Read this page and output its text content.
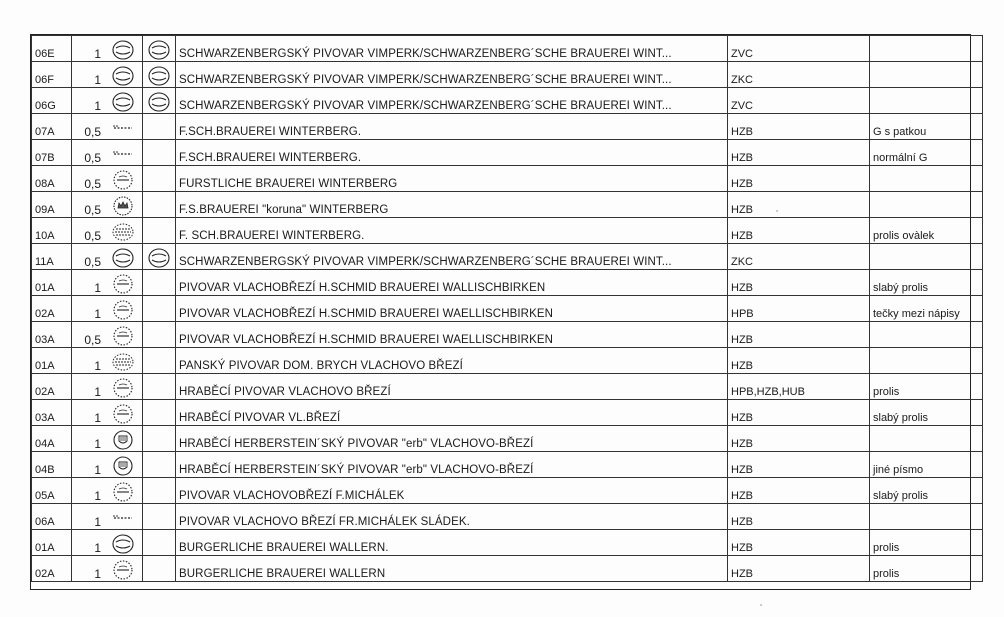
06E	1			SCHWARZENBERGSKÝ PIVOVAR VIMPERK/SCHWARZENBERG´SCHE BRAUEREI WINT...	ZVC	
06F	1			SCHWARZENBERGSKÝ PIVOVAR VIMPERK/SCHWARZENBERG´SCHE BRAUEREI WINT...	ZKC	
06G	1			SCHWARZENBERGSKÝ PIVOVAR VIMPERK/SCHWARZENBERG´SCHE BRAUEREI WINT...	ZVC	
07A	0,5			F.SCH.BRAUEREI WINTERBERG.	HZB	G s patkou
07B	0,5			F.SCH.BRAUEREI WINTERBERG.	HZB	normální G
08A	0,5			FURSTLICHE BRAUEREI WINTERBERG	HZB	
09A	0,5			F.S.BRAUEREI "koruna" WINTERBERG	HZB	
10A	0,5			F. SCH.BRAUEREI WINTERBERG.	HZB	prolis ovàlek
11A	0,5			SCHWARZENBERGSKÝ PIVOVAR VIMPERK/SCHWARZENBERG´SCHE BRAUEREI WINT...	ZKC	
01A	1			PIVOVAR VLACHOBŘEZÍ H.SCHMID BRAUEREI WALLISCHBIRKEN	HZB	slabý prolis
02A	1			PIVOVAR VLACHOBŘEZÍ H.SCHMID BRAUEREI WAELLISCHBIRKEN	HPB	tečky mezi nápisy
03A	0,5			PIVOVAR VLACHOBŘEZÍ H.SCHMID BRAUEREI WAELLISCHBIRKEN	HZB	
01A	1			PANSKÝ PIVOVAR DOM. BRYCH VLACHOVO BŘEZÍ	HZB	
02A	1			HRABĚCÍ PIVOVAR VLACHOVO BŘEZÍ	HPB,HZB,HUB	prolis
03A	1			HRABĚCÍ PIVOVAR VL.BŘEZÍ	HZB	slabý prolis
04A	1			HRABĚCÍ HERBERSTEIN´SKÝ PIVOVAR "erb" VLACHOVO-BŘEZÍ	HZB	
04B	1			HRABĚCÍ HERBERSTEIN´SKÝ PIVOVAR "erb" VLACHOVO-BŘEZÍ	HZB	jiné písmo
05A	1			PIVOVAR VLACHOVOBŘEZÍ F.MICHÁLEK	HZB	slabý prolis
06A	1			PIVOVAR VLACHOVO BŘEZÍ FR.MICHÁLEK SLÁDEK.	HZB	
01A	1			BURGERLICHE BRAUEREI WALLERN.	HZB	prolis
02A	1			BURGERLICHE BRAUEREI WALLERN	HZB	prolis
